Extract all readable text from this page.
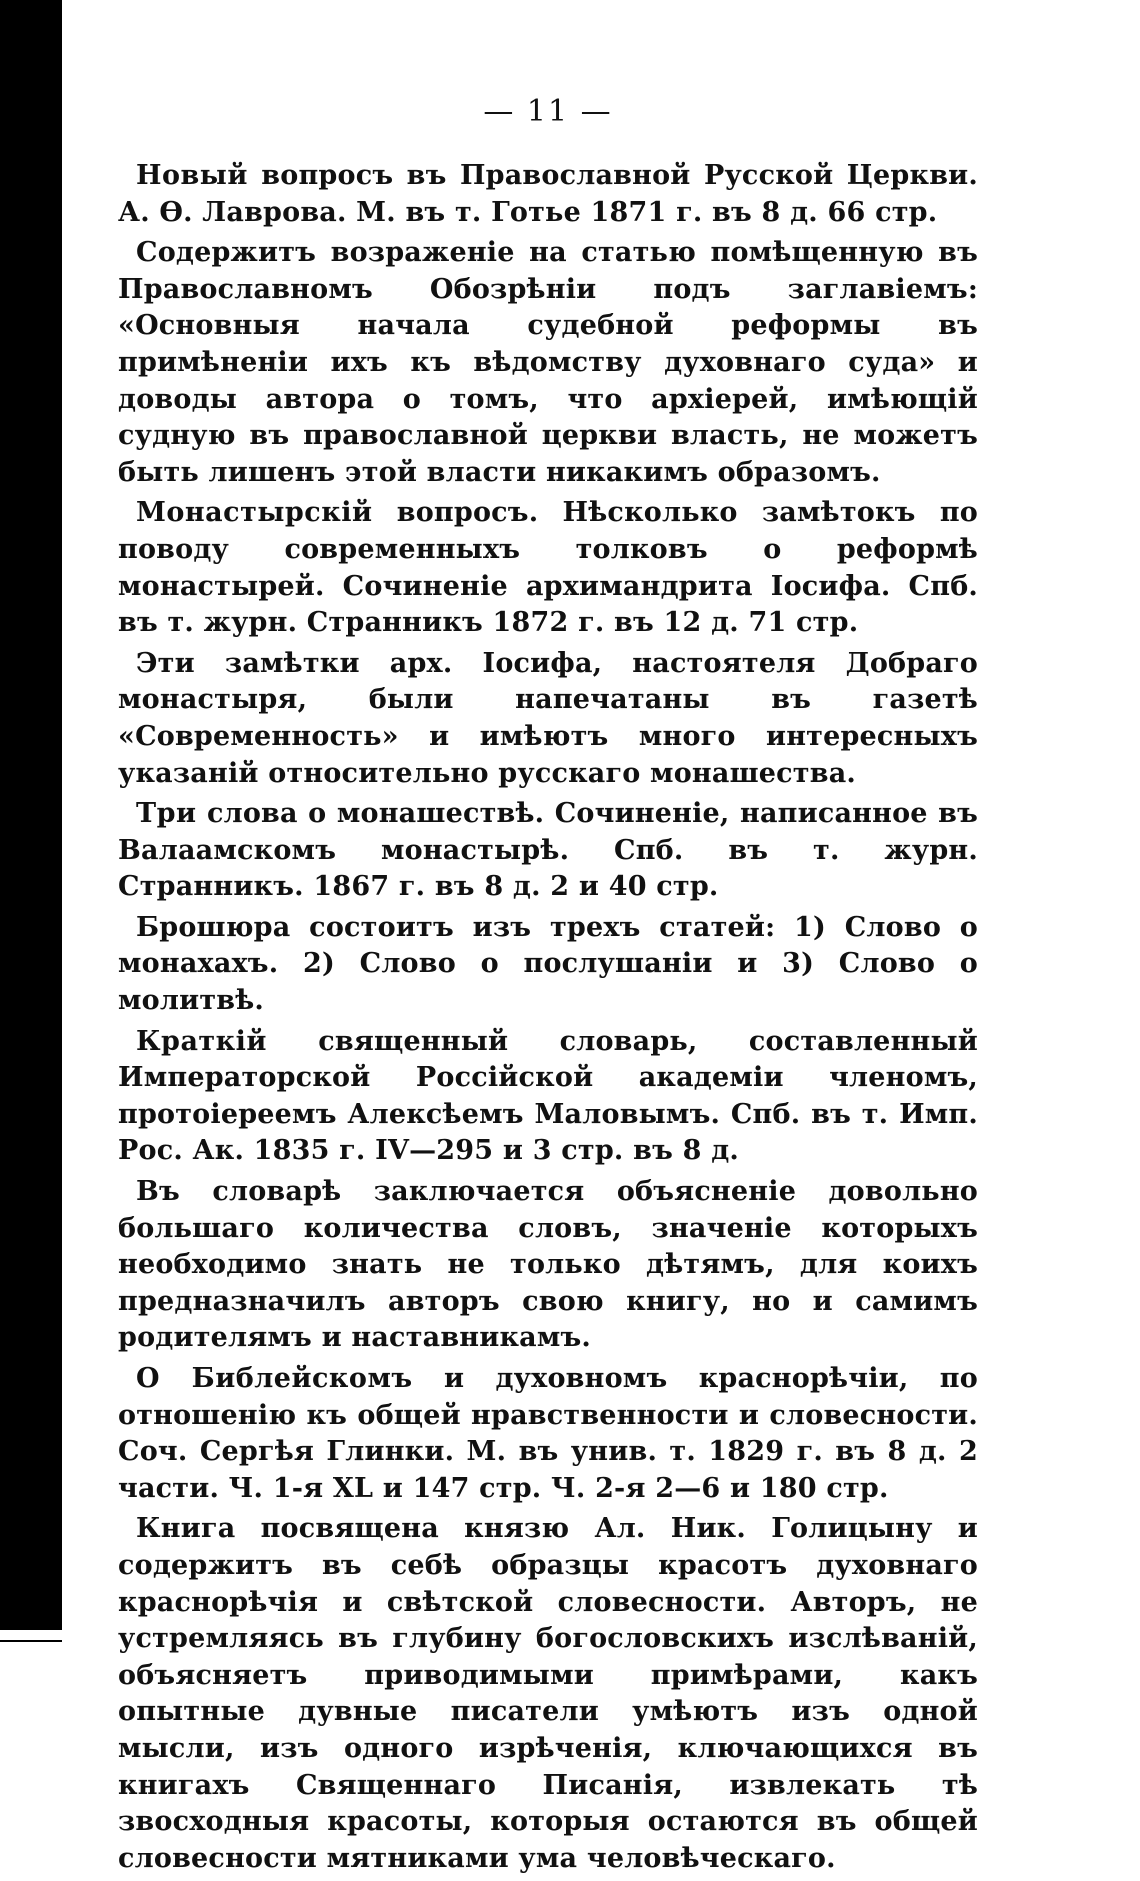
— 11 —

Новый вопросъ въ Православной Русской Церкви. А. Ө. Лаврова. М. въ т. Готье 1871 г. въ 8 д. 66 стр.

Содержитъ возраженіе на статью помѣщенную въ Православномъ Обозрѣніи подъ заглавіемъ: «Основныя начала судебной реформы въ примѣненіи ихъ къ вѣдомству духовнаго суда» и доводы автора о томъ, что архіерей, имѣющій судную въ православной церкви власть, не можетъ быть лишенъ этой власти никакимъ образомъ.

Монастырскій вопросъ. Нѣсколько замѣтокъ по поводу современныхъ толковъ о реформѣ монастырей. Сочиненіе архимандрита Іосифа. Спб. въ т. журн. Странникъ 1872 г. въ 12 д. 71 стр.

Эти замѣтки арх. Іосифа, настоятеля Добраго монастыря, были напечатаны въ газетѣ «Современность» и имѣютъ много интересныхъ указаній относительно русскаго монашества.

Три слова о монашествѣ. Сочиненіе, написанное въ Валаамскомъ монастырѣ. Спб. въ т. журн. Странникъ. 1867 г. въ 8 д. 2 и 40 стр.

Брошюра состоитъ изъ трехъ статей: 1) Слово о монахахъ. 2) Слово о послушаніи и 3) Слово о молитвѣ.

Краткій священный словарь, составленный Императорской Россійской академіи членомъ, протоіереемъ Алексѣемъ Маловымъ. Спб. въ т. Имп. Рос. Ак. 1835 г. IV—295 и 3 стр. въ 8 д.

Въ словарѣ заключается объясненіе довольно большаго количества словъ, значеніе которыхъ необходимо знать не только дѣтямъ, для коихъ предназначилъ авторъ свою книгу, но и самимъ родителямъ и наставникамъ.

О Библейскомъ и духовномъ краснорѣчіи, по отношенію къ общей нравственности и словесности. Соч. Сергѣя Глинки. М. въ унив. т. 1829 г. въ 8 д. 2 части. Ч. 1-я XL и 147 стр. Ч. 2-я 2—6 и 180 стр.

Книга посвящена князю Ал. Ник. Голицыну и содержитъ въ себѣ образцы красотъ духовнаго краснорѣчія и свѣтской словесности. Авторъ, не устремляясь въ глубину богословскихъ изслѣваній, объясняетъ приводимыми примѣрами, какъ опытные дувные писатели умѣютъ изъ одной мысли, изъ одного изрѣченія, ключающихся въ книгахъ Священнаго Писанія, извлекать тѣ звосходныя красоты, которыя остаются въ общей словесности мятниками ума человѣческаго.
